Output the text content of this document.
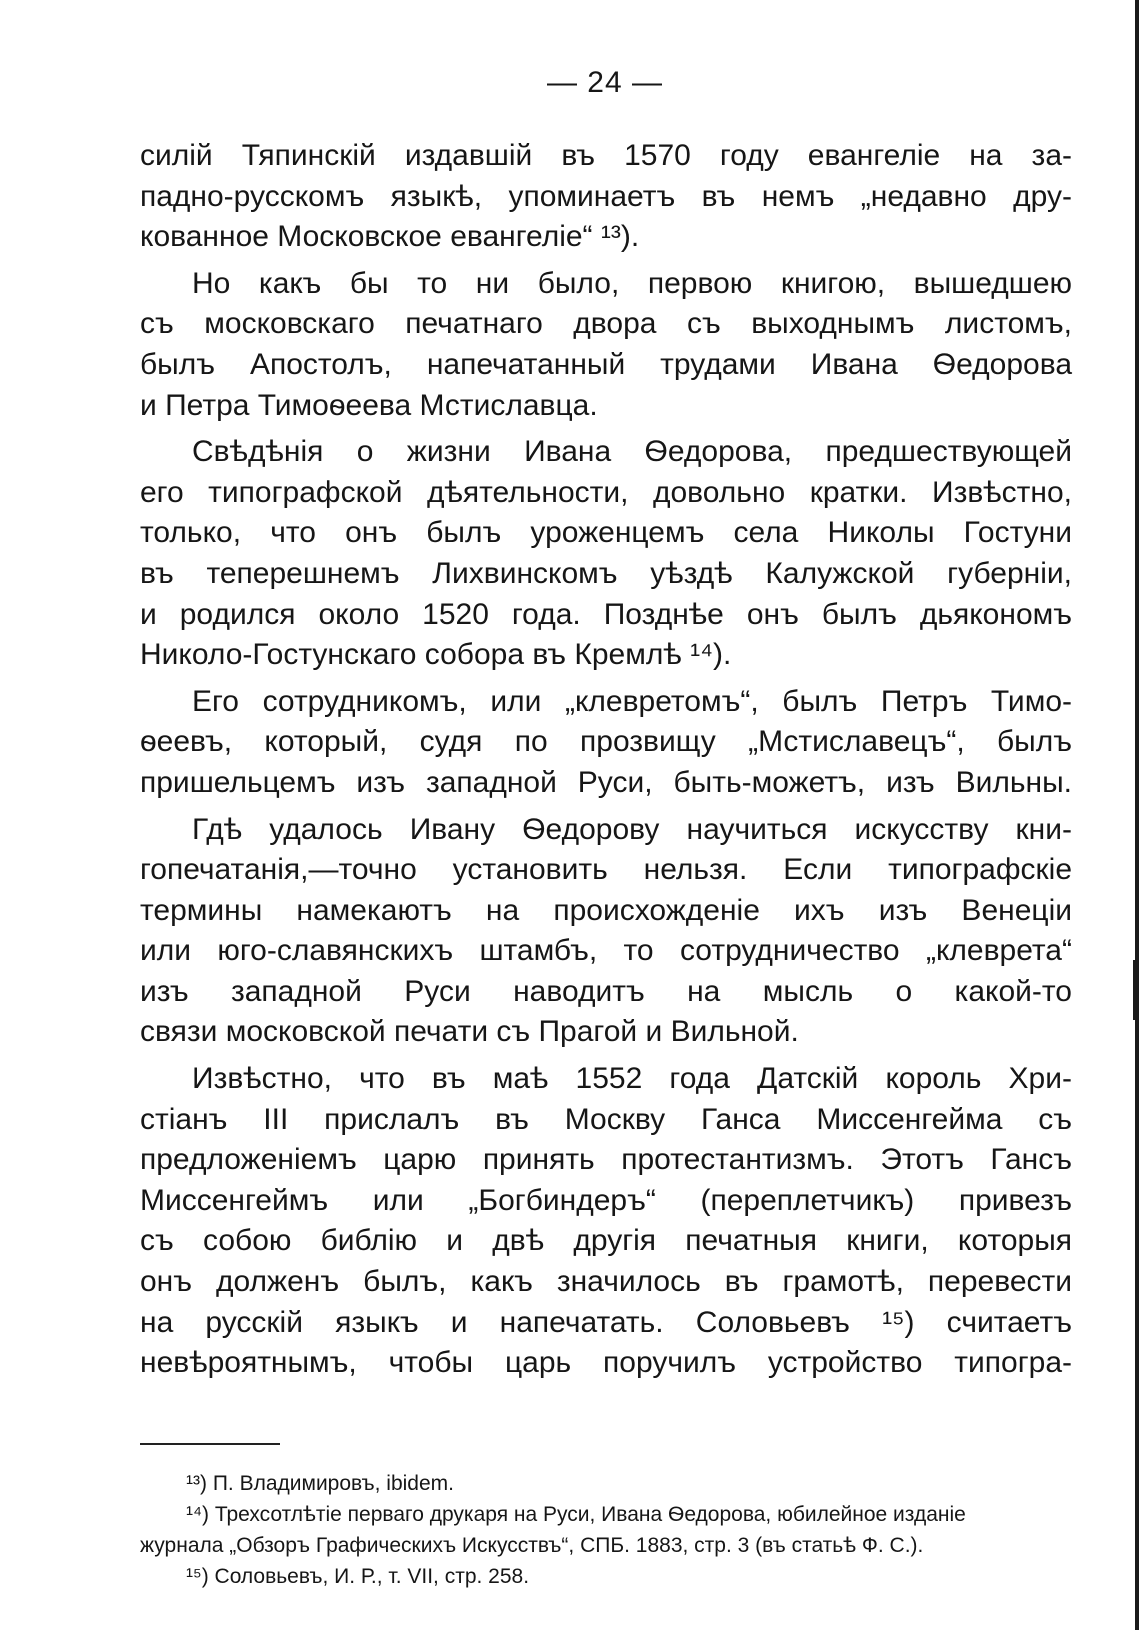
— 24 —

силій Тяпинскій издавшій въ 1570 году евангеліе на за-
падно-русскомъ языкѣ, упоминаетъ въ немъ „недавно дру-
кованное Московское евангеліе“ ¹³).

Но какъ бы то ни было, первою книгою, вышедшею
съ московскаго печатнаго двора съ выходнымъ листомъ,
былъ Апостолъ, напечатанный трудами Ивана Ѳедорова
и Петра Тимоѳеева Мстиславца.

Свѣдѣнія о жизни Ивана Ѳедорова, предшествующей
его типографской дѣятельности, довольно кратки. Извѣстно,
только, что онъ былъ уроженцемъ села Николы Гостуни
въ теперешнемъ Лихвинскомъ уѣздѣ Калужской губерніи,
и родился около 1520 года. Позднѣе онъ былъ дьякономъ
Николо-Гостунскаго собора въ Кремлѣ ¹⁴).

Его сотрудникомъ, или „клевретомъ“, былъ Петръ Тимо-
ѳеевъ, который, судя по прозвищу „Мстиславецъ“, былъ
пришельцемъ изъ западной Руси, быть-можетъ, изъ Вильны.

Гдѣ удалось Ивану Ѳедорову научиться искусству кни-
гопечатанія,—точно установить нельзя. Если типографскіе
термины намекаютъ на происхожденіе ихъ изъ Венеціи
или юго-славянскихъ штамбъ, то сотрудничество „клеврета“
изъ западной Руси наводитъ на мысль о какой-то
связи московской печати съ Прагой и Вильной.

Извѣстно, что въ маѣ 1552 года Датскій король Хри-
стіанъ III прислалъ въ Москву Ганса Миссенгейма съ
предложеніемъ царю принять протестантизмъ. Этотъ Гансъ
Миссенгеймъ или „Богбиндеръ“ (переплетчикъ) привезъ
съ собою библію и двѣ другія печатныя книги, которыя
онъ долженъ былъ, какъ значилось въ грамотѣ, перевести
на русскій языкъ и напечатать. Соловьевъ ¹⁵) считаетъ
невѣроятнымъ, чтобы царь поручилъ устройство типогра-

¹³) П. Владимировъ, ibidem.
¹⁴) Трехсотлѣтіе перваго друкаря на Руси, Ивана Ѳедорова, юбилейное изданіе
журнала „Обзоръ Графическихъ Искусствъ“, СПБ. 1883, стр. 3 (въ статьѣ Ф. С.).
¹⁵) Соловьевъ, И. Р., т. VII, стр. 258.
